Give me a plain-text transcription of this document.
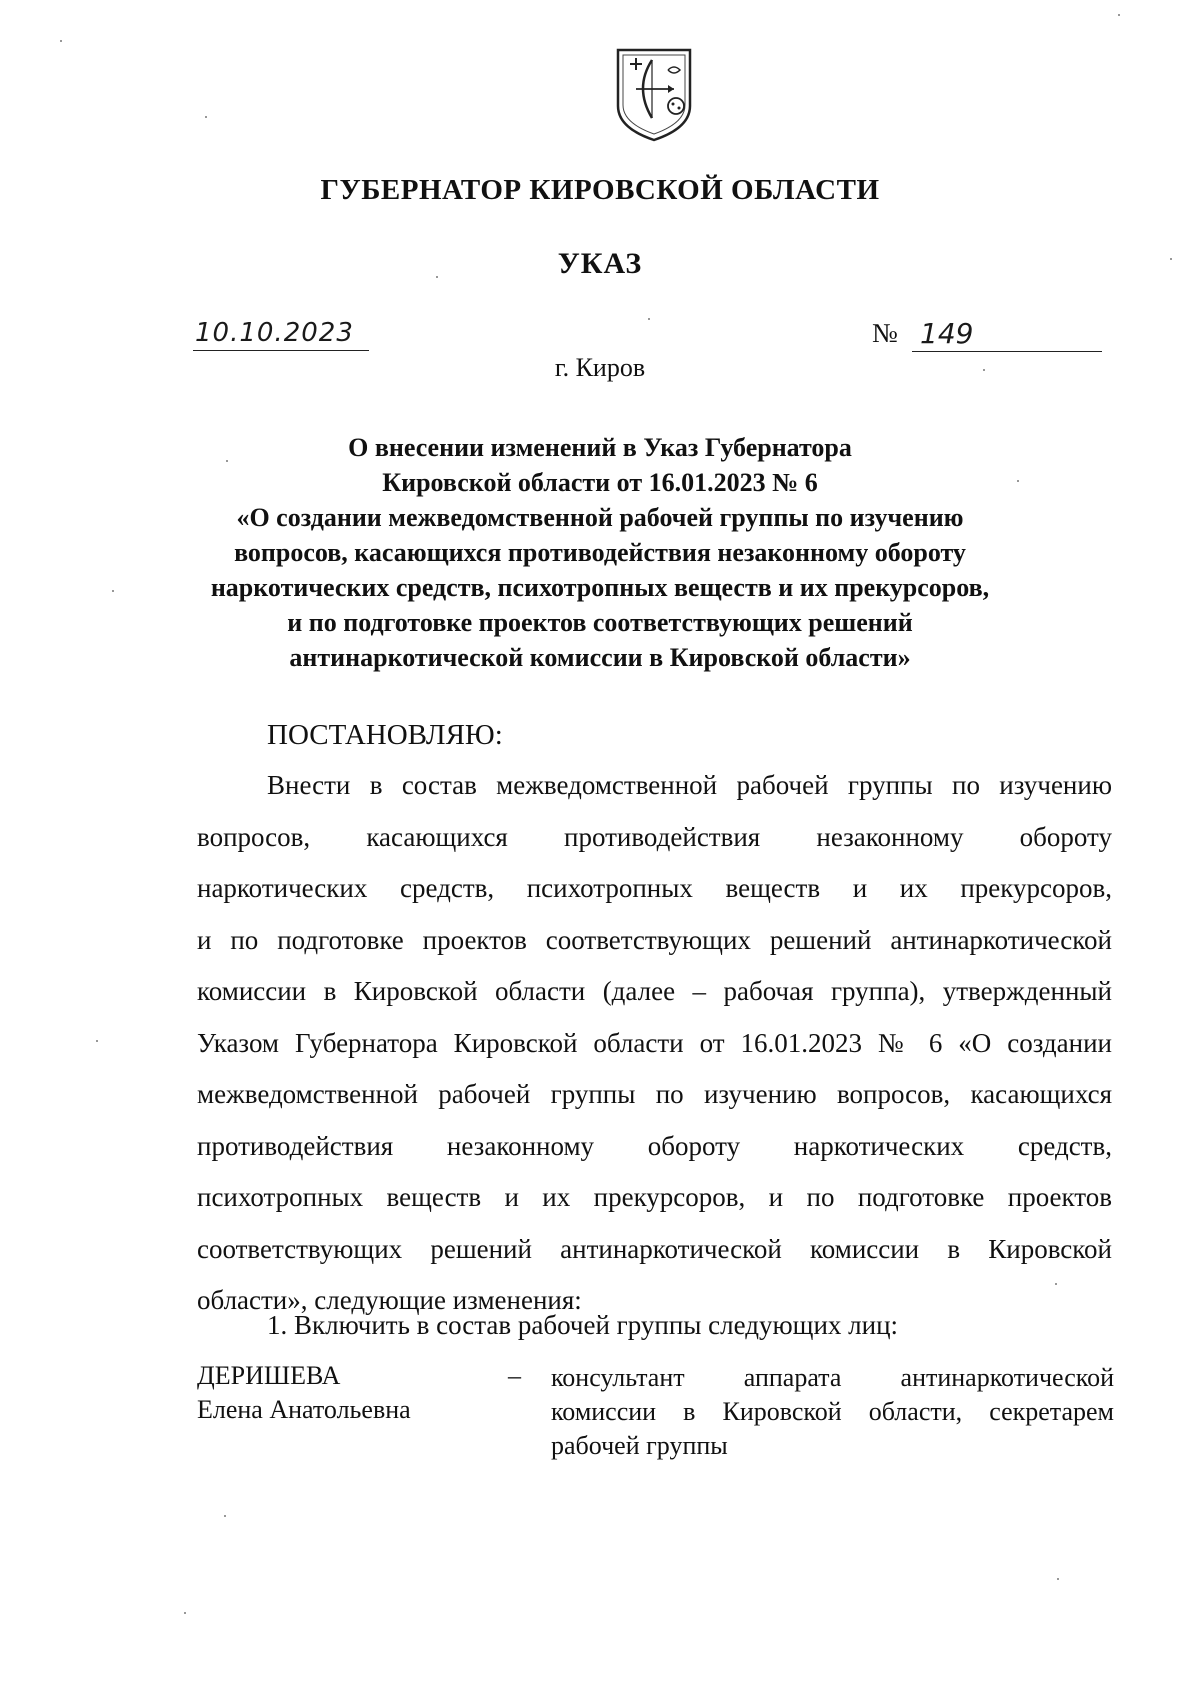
ГУБЕРНАТОР КИРОВСКОЙ ОБЛАСТИ
УКАЗ
10.10.2023	№ 149
г. Киров
О внесении изменений в Указ Губернатора
Кировской области от 16.01.2023 № 6
«О создании межведомственной рабочей группы по изучению
вопросов, касающихся противодействия незаконному обороту
наркотических средств, психотропных веществ и их прекурсоров,
и по подготовке проектов соответствующих решений
антинаркотической комиссии в Кировской области»
ПОСТАНОВЛЯЮ:
Внести в состав межведомственной рабочей группы по изучению
вопросов, касающихся противодействия незаконному обороту
наркотических средств, психотропных веществ и их прекурсоров,
и по подготовке проектов соответствующих решений антинаркотической
комиссии в Кировской области (далее – рабочая группа), утвержденный
Указом Губернатора Кировской области от 16.01.2023 № 6 «О создании
межведомственной рабочей группы по изучению вопросов, касающихся
противодействия незаконному обороту наркотических средств,
психотропных веществ и их прекурсоров, и по подготовке проектов
соответствующих решений антинаркотической комиссии в Кировской
области», следующие изменения:
1. Включить в состав рабочей группы следующих лиц:
ДЕРИШЕВА
Елена Анатольевна
– консультант аппарата антинаркотической
комиссии в Кировской области, секретарем
рабочей группы
